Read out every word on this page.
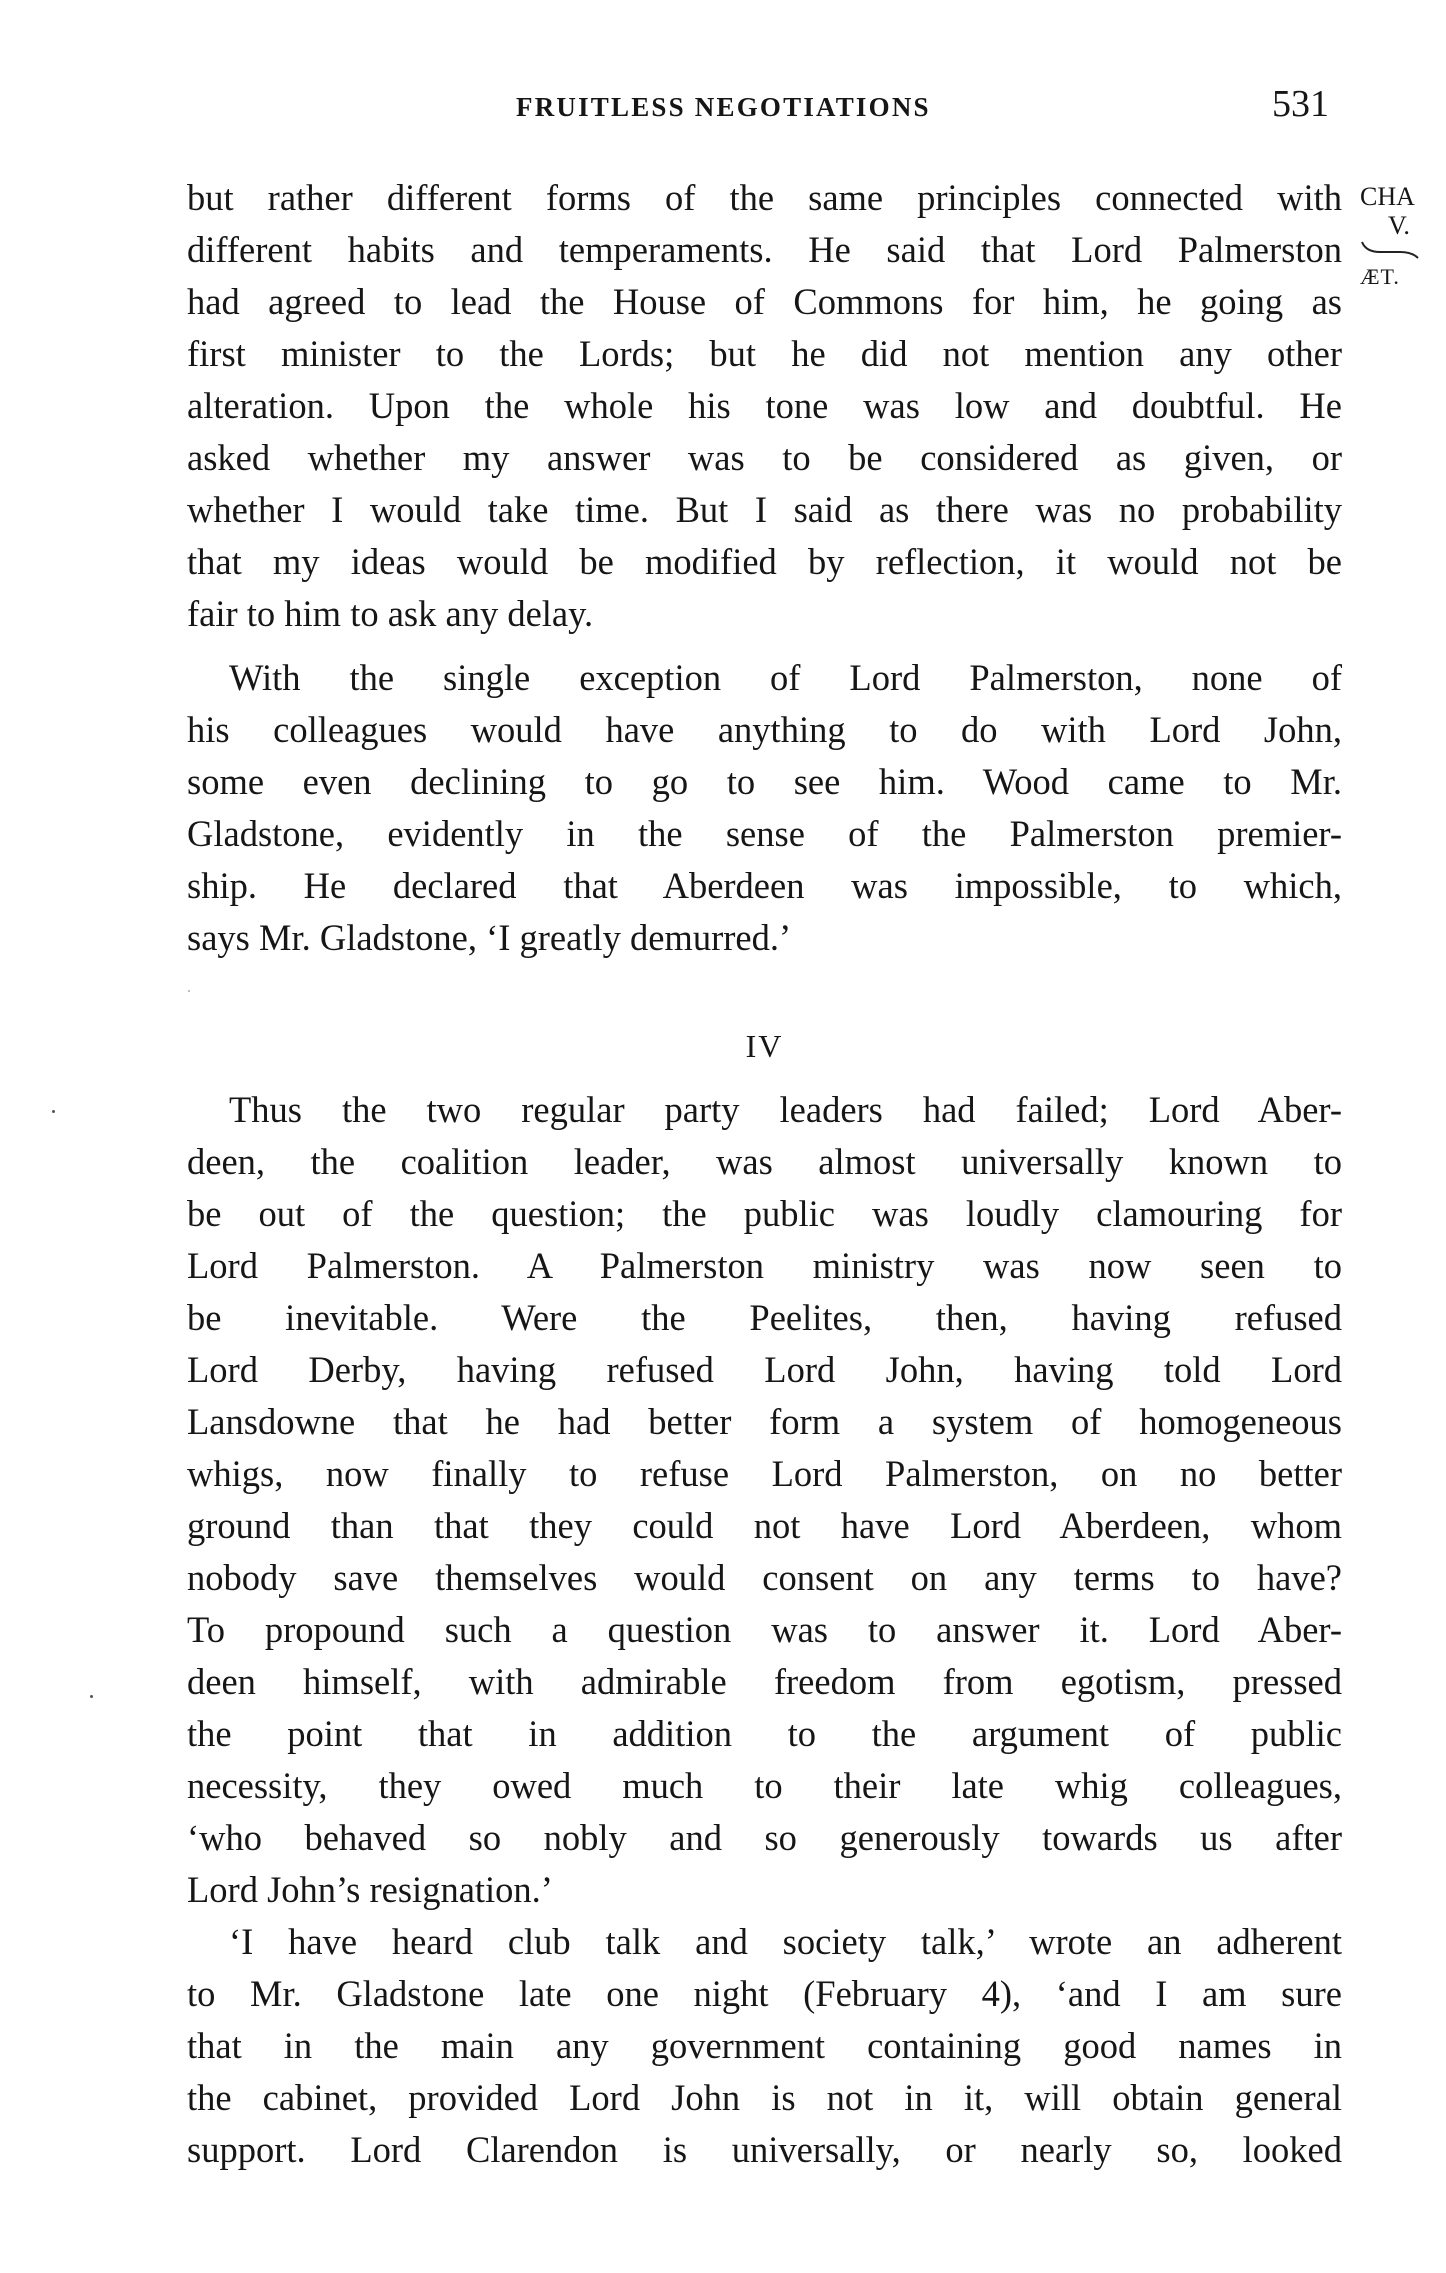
FRUITLESS NEGOTIATIONS	531
CHA
V.
ÆT.
but rather different forms of the same principles connected with
different habits and temperaments. He said that Lord Palmerston
had agreed to lead the House of Commons for him, he going as
first minister to the Lords; but he did not mention any other
alteration. Upon the whole his tone was low and doubtful. He
asked whether my answer was to be considered as given, or
whether I would take time. But I said as there was no probability
that my ideas would be modified by reflection, it would not be
fair to him to ask any delay.
With the single exception of Lord Palmerston, none of
his colleagues would have anything to do with Lord John,
some even declining to go to see him. Wood came to Mr.
Gladstone, evidently in the sense of the Palmerston premier-
ship. He declared that Aberdeen was impossible, to which,
says Mr. Gladstone, ‘I greatly demurred.’
IV
Thus the two regular party leaders had failed; Lord Aber-
deen, the coalition leader, was almost universally known to
be out of the question; the public was loudly clamouring for
Lord Palmerston. A Palmerston ministry was now seen to
be inevitable. Were the Peelites, then, having refused
Lord Derby, having refused Lord John, having told Lord
Lansdowne that he had better form a system of homogeneous
whigs, now finally to refuse Lord Palmerston, on no better
ground than that they could not have Lord Aberdeen, whom
nobody save themselves would consent on any terms to have?
To propound such a question was to answer it. Lord Aber-
deen himself, with admirable freedom from egotism, pressed
the point that in addition to the argument of public
necessity, they owed much to their late whig colleagues,
‘who behaved so nobly and so generously towards us after
Lord John’s resignation.’
‘I have heard club talk and society talk,’ wrote an adherent
to Mr. Gladstone late one night (February 4), ‘and I am sure
that in the main any government containing good names in
the cabinet, provided Lord John is not in it, will obtain general
support. Lord Clarendon is universally, or nearly so, looked
